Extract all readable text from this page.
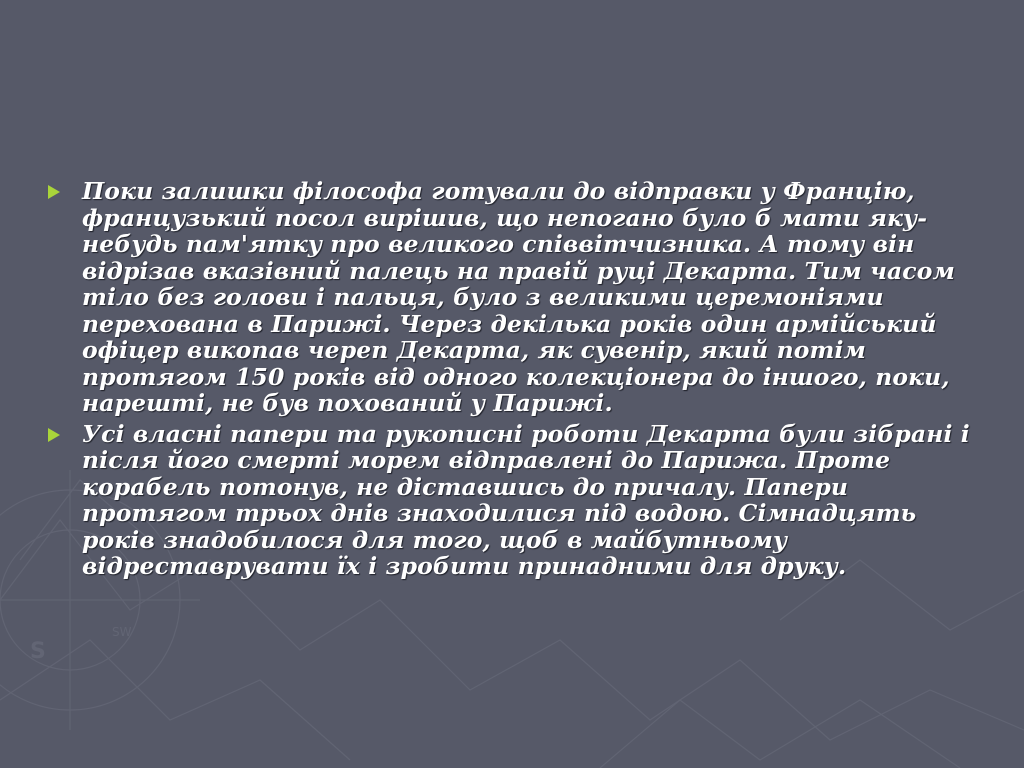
S
SW
Поки залишки філософа готували до відправки у Францію, французький посол вирішив, що непогано було б мати яку-небудь пам'ятку про великого співвітчизника. А тому він відрізав вказівний палець на правій руці Декарта. Тим часом тіло без голови і пальця, було з великими церемоніями перехована в Парижі. Через декілька років один армійський офіцер викопав череп Декарта, як сувенір, який потім протягом 150 років від одного колекціонера до іншого, поки, нарешті, не був похований у Парижі.
Усі власні папери та рукописні роботи Декарта були зібрані і після його смерті морем відправлені до Парижа. Проте корабель потонув, не діставшись до причалу. Папери протягом трьох днів знаходилися під водою. Сімнадцять років знадобилося для того, щоб в майбутньому відреставрувати їх і зробити принадними для друку.
